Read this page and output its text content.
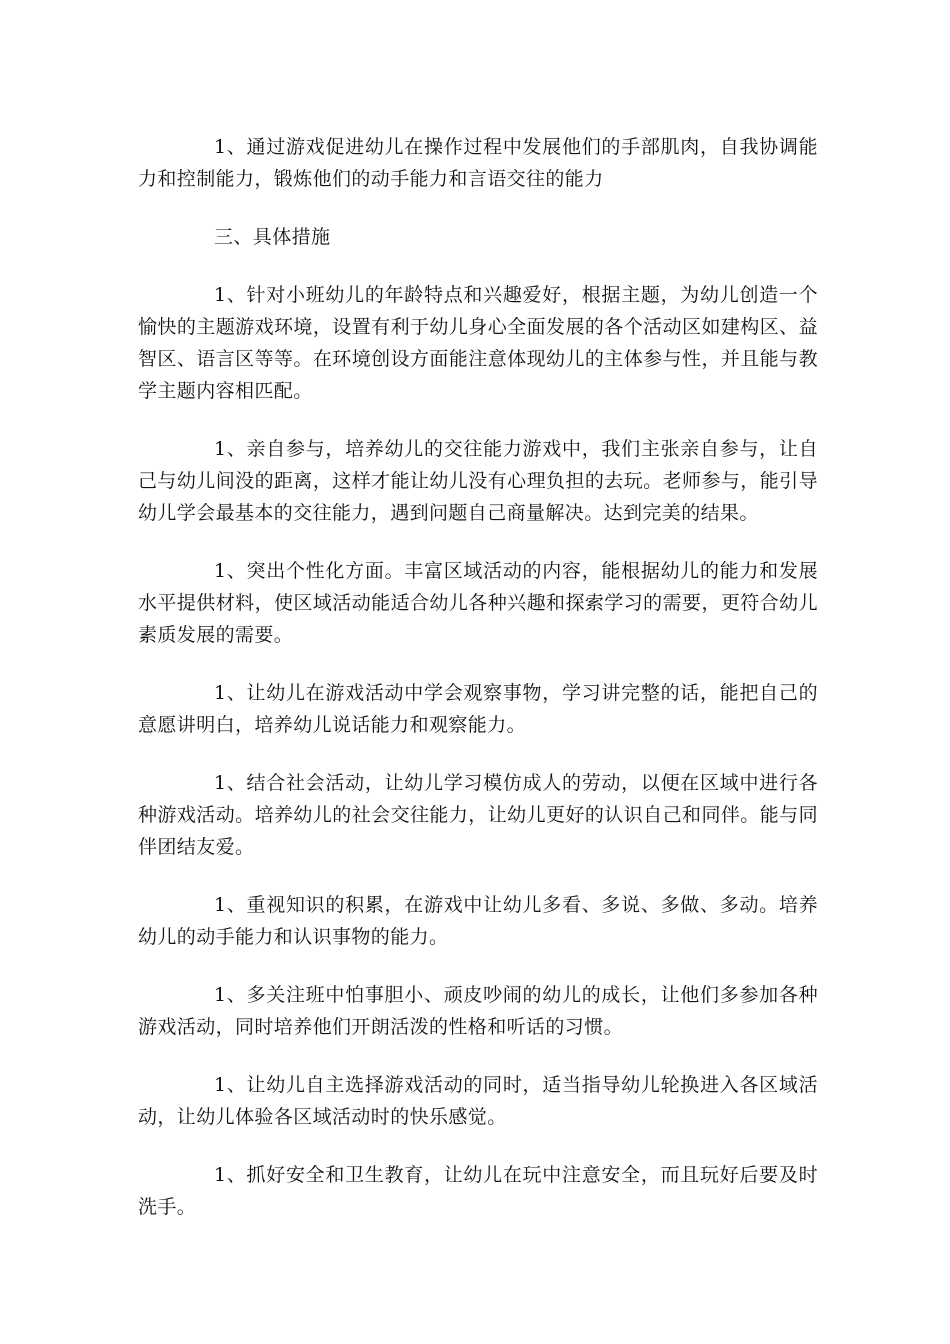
1、通过游戏促进幼儿在操作过程中发展他们的手部肌肉，自我协调能力和控制能力，锻炼他们的动手能力和言语交往的能力

三、具体措施

1、针对小班幼儿的年龄特点和兴趣爱好，根据主题，为幼儿创造一个愉快的主题游戏环境，设置有利于幼儿身心全面发展的各个活动区如建构区、益智区、语言区等等。在环境创设方面能注意体现幼儿的主体参与性，并且能与教学主题内容相匹配。

1、亲自参与，培养幼儿的交往能力游戏中，我们主张亲自参与，让自己与幼儿间没的距离，这样才能让幼儿没有心理负担的去玩。老师参与，能引导幼儿学会最基本的交往能力，遇到问题自己商量解决。达到完美的结果。

1、突出个性化方面。丰富区域活动的内容，能根据幼儿的能力和发展水平提供材料，使区域活动能适合幼儿各种兴趣和探索学习的需要，更符合幼儿素质发展的需要。

1、让幼儿在游戏活动中学会观察事物，学习讲完整的话，能把自己的意愿讲明白，培养幼儿说话能力和观察能力。

1、结合社会活动，让幼儿学习模仿成人的劳动，以便在区域中进行各种游戏活动。培养幼儿的社会交往能力，让幼儿更好的认识自己和同伴。能与同伴团结友爱。

1、重视知识的积累，在游戏中让幼儿多看、多说、多做、多动。培养幼儿的动手能力和认识事物的能力。

1、多关注班中怕事胆小、顽皮吵闹的幼儿的成长，让他们多参加各种游戏活动，同时培养他们开朗活泼的性格和听话的习惯。

1、让幼儿自主选择游戏活动的同时，适当指导幼儿轮换进入各区域活动，让幼儿体验各区域活动时的快乐感觉。

1、抓好安全和卫生教育，让幼儿在玩中注意安全，而且玩好后要及时洗手。
